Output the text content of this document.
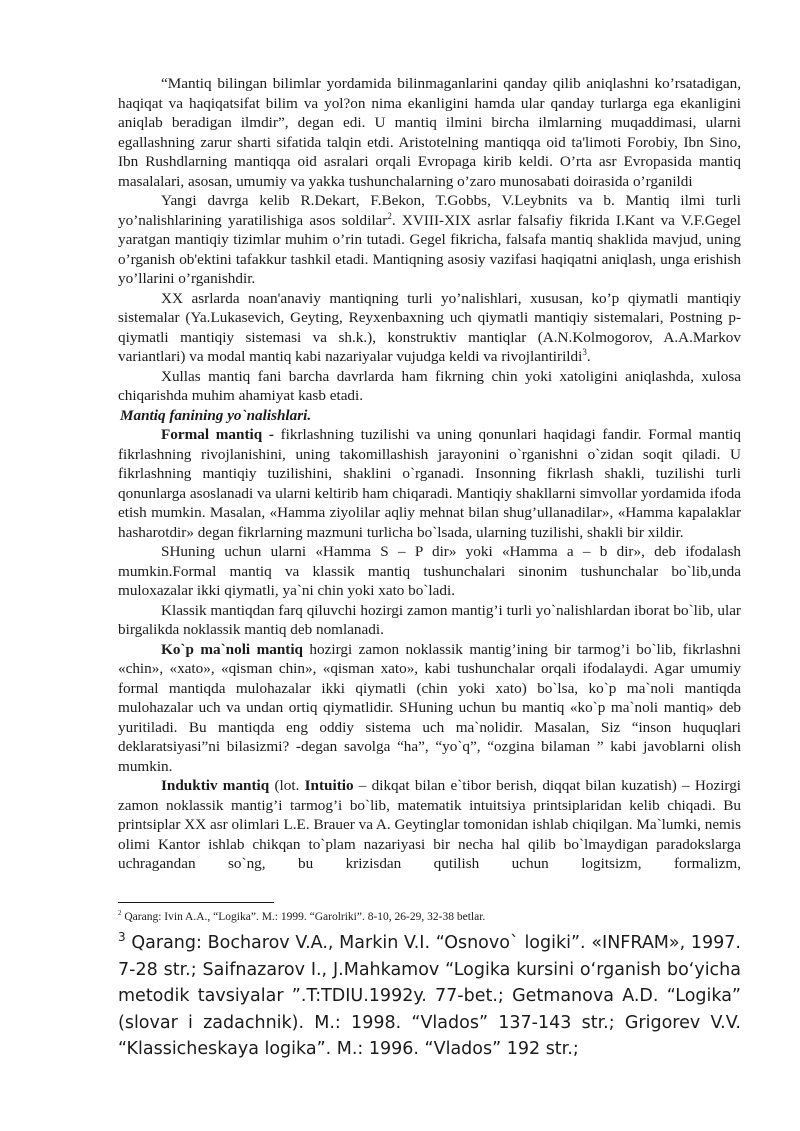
“Mantiq bilingan bilimlar yordamida bilinmaganlarini qanday qilib aniqlashni ko’rsatadigan, haqiqat va haqiqatsifat bilim va yol?on nima ekanligini hamda ular qanday turlarga ega ekanligini aniqlab beradigan ilmdir”, degan edi. U mantiq ilmini bircha ilmlarning muqaddimasi, ularni egallashning zarur sharti sifatida talqin etdi. Aristotelning mantiqqa oid ta'limoti Forobiy, Ibn Sino, Ibn Rushdlarning mantiqqa oid asralari orqali Evropaga kirib keldi. O’rta asr Evropasida mantiq masalalari, asosan, umumiy va yakka tushunchalarning o’zaro munosabati doirasida o’rganildi

Yangi davrga kelib R.Dekart, F.Bekon, T.Gobbs, V.Leybnits va b. Mantiq ilmi turli yo’nalishlarining yaratilishiga asos soldilar$^2$. XVIII-XIX asrlar falsafiy fikrida I.Kant va V.F.Gegel yaratgan mantiqiy tizimlar muhim o’rin tutadi. Gegel fikricha, falsafa mantiq shaklida mavjud, uning o’rganish ob'ektini tafakkur tashkil etadi. Mantiqning asosiy vazifasi haqiqatni aniqlash, unga erishish yo’llarini o’rganishdir.

XX asrlarda noan'anaviy mantiqning turli yo’nalishlari, xususan, ko’p qiymatli mantiqiy sistemalar (Ya.Lukasevich, Geyting, Reyxenbaxning uch qiymatli mantiqiy sistemalari, Postning p-qiymatli mantiqiy sistemasi va sh.k.), konstruktiv mantiqlar (A.N.Kolmogorov, A.A.Markov variantlari) va modal mantiq kabi nazariyalar vujudga keldi va rivojlantirildi$^3$.

Xullas mantiq fani barcha davrlarda ham fikrning chin yoki xatoligini aniqlashda, xulosa chiqarishda muhim ahamiyat kasb etadi.

Mantiq fanining yo`nalishlari.

Formal mantiq - fikrlashning tuzilishi va uning qonunlari haqidagi fandir. Formal mantiq fikrlashning rivojlanishini, uning takomillashish jarayonini o`rganishni o`zidan soqit qiladi. U fikrlashning mantiqiy tuzilishini, shaklini o`rganadi. Insonning fikrlash shakli, tuzilishi turli qonunlarga asoslanadi va ularni keltirib ham chiqaradi. Mantiqiy shakllarni simvollar yordamida ifoda etish mumkin. Masalan, «Hamma ziyolilar aqliy mehnat bilan shug’ullanadilar», «Hamma kapalaklar hasharotdir» degan fikrlarning mazmuni turlicha bo`lsada, ularning tuzilishi, shakli bir xildir.

SHuning uchun ularni «Hamma S – P dir» yoki «Hamma a – b dir», deb ifodalash mumkin.Formal mantiq va klassik mantiq tushunchalari sinonim tushunchalar bo`lib,unda muloxazalar ikki qiymatli, ya`ni chin yoki xato bo`ladi.

Klassik mantiqdan farq qiluvchi hozirgi zamon mantig’i turli yo`nalishlardan iborat bo`lib, ular birgalikda noklassik mantiq deb nomlanadi.

Ko`p ma`noli mantiq hozirgi zamon noklassik mantig’ining bir tarmog’i bo`lib, fikrlashni «chin», «xato», «qisman chin», «qisman xato», kabi tushunchalar orqali ifodalaydi. Agar umumiy formal mantiqda mulohazalar ikki qiymatli (chin yoki xato) bo`lsa, ko`p ma`noli mantiqda mulohazalar uch va undan ortiq qiymatlidir. SHuning uchun bu mantiq «ko`p ma`noli mantiq» deb yuritiladi. Bu mantiqda eng oddiy sistema uch ma`nolidir. Masalan, Siz “inson huquqlari deklaratsiyasi”ni bilasizmi? -degan savolga “ha”, “yo`q”, “ozgina bilaman ” kabi javoblarni olish mumkin.

Induktiv mantiq (lot. Intuitio – dikqat bilan e`tibor berish, diqqat bilan kuzatish) – Hozirgi zamon noklassik mantig’i tarmog’i bo`lib, matematik intuitsiya printsiplaridan kelib chiqadi. Bu printsiplar XX asr olimlari L.E. Brauer va A. Geytinglar tomonidan ishlab chiqilgan. Ma`lumki, nemis olimi Kantor ishlab chikqan to`plam nazariyasi bir necha hal qilib bo`lmaydigan paradokslarga uchragandan so`ng, bu krizisdan qutilish uchun logitsizm, formalizm,

$^2$ Qarang: Ivin A.A., “Logika”. M.: 1999. “Garolriki”. 8-10, 26-29, 32-38 betlar.
$^3$ Qarang: Bocharov V.A., Markin V.I. “Osnovo` logiki”. «INFRAM», 1997. 7-28 str.; Saifnazarov I., J.Mahkamov “Logika kursini o‘rganish bo‘yicha metodik tavsiyalar ”.T:TDIU.1992y. 77-bet.; Getmanova A.D. “Logika” (slovar i zadachnik). M.: 1998. “Vlados” 137-143 str.; Grigorev V.V. “Klassicheskaya logika”. M.: 1996. “Vlados” 192 str.;
